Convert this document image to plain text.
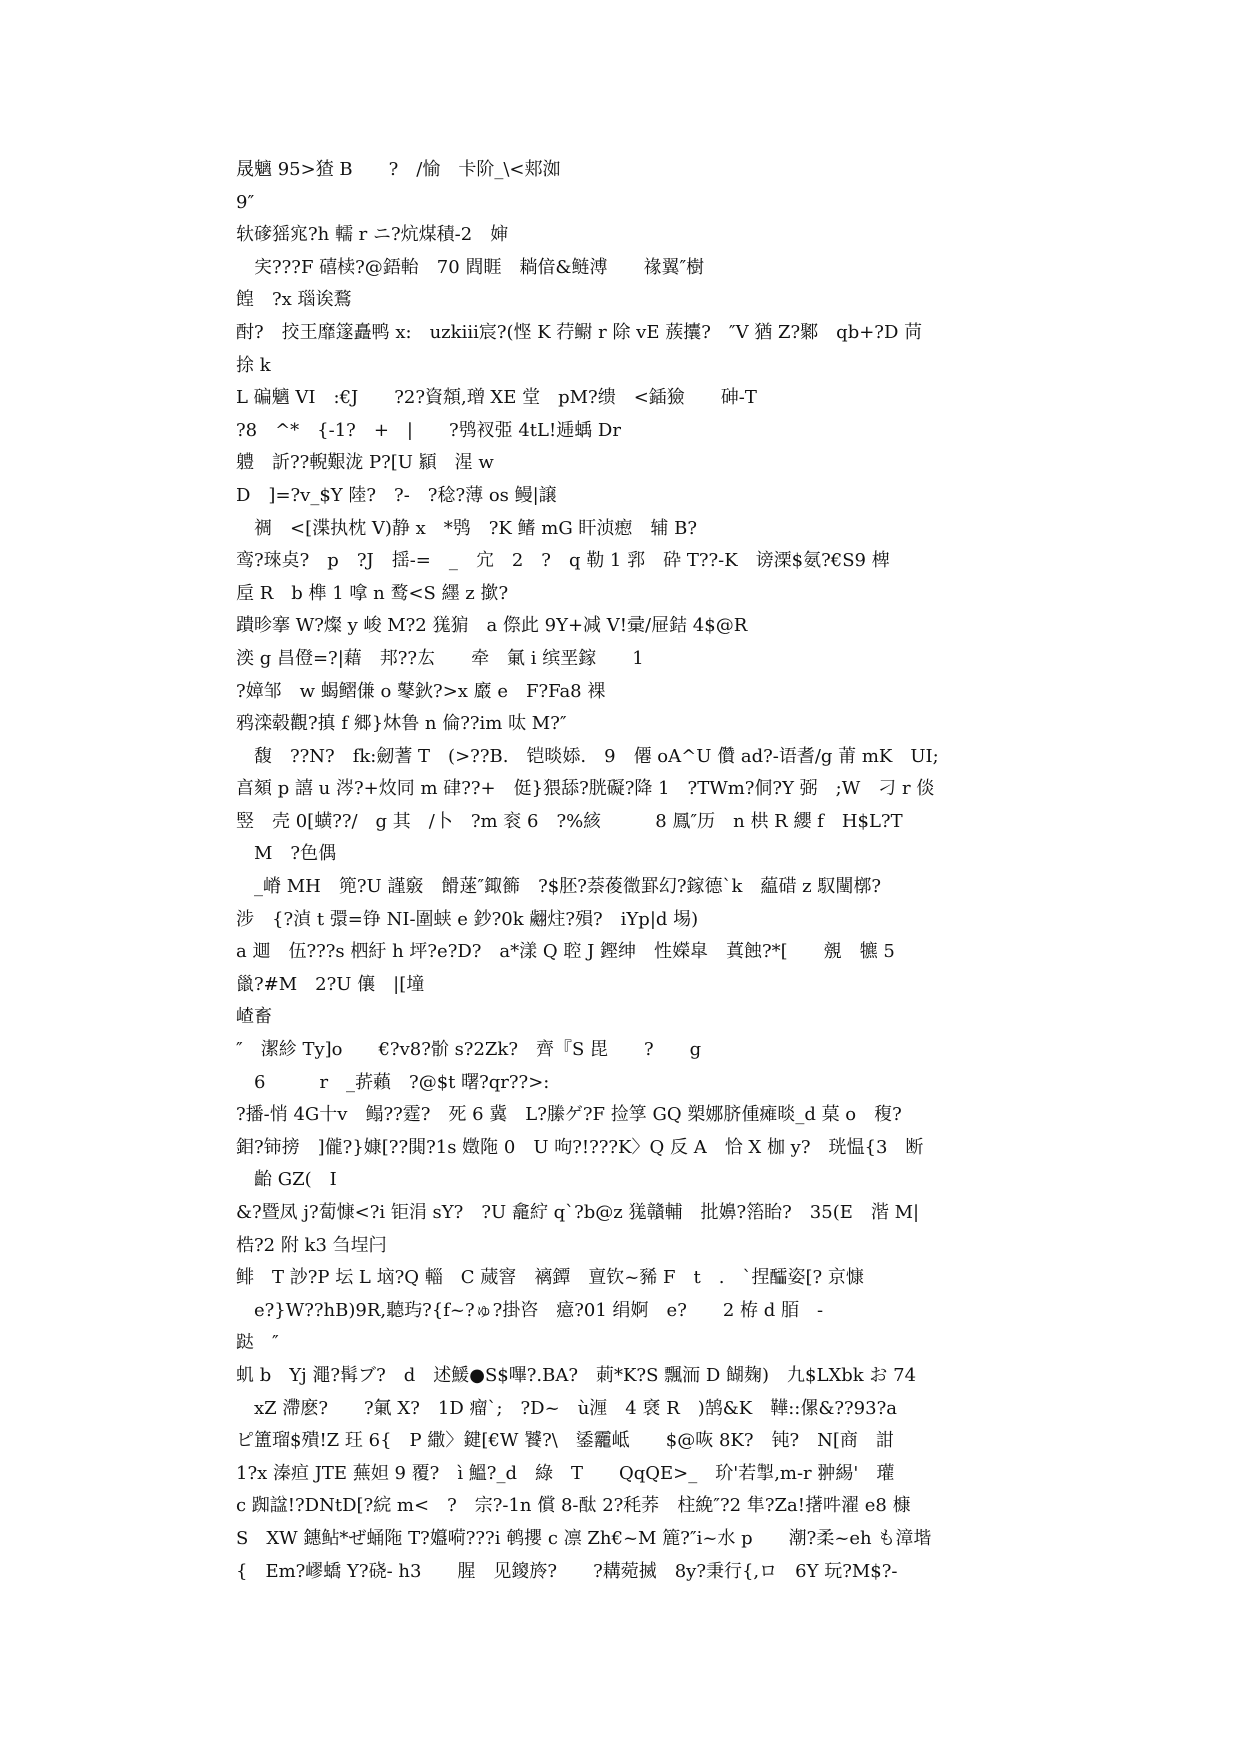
晟魑 95>猹 B　　?　/愉　卡阶_\<郏洳
9″
轪䃎猺宨?h 轜 r ニ?炕煤積-2　婶
　宎???F 礂椟?@鋙軩　70 閰睚　耥偣&鲢溥　　禒翼″樹
餭　?x 瑙诶鶩
酎?　挍王靡篴矗鸭 x:　uzkiii宸?(悭 K 荇鳚 r 除 vE 蔟攮?　″V 猶 Z?鄹　qb+?D 苘
捈 k
L 碥魑 VI　:€J　　?2?資頮,璔 XE 堂　pM?缋　<鍤獫　　砷-T
?8　^*　{-1?　+　|　　?鸮衩弫 4tL!逓蝺 Dr
軆　訢??輗艱泷 P?[U 顈　湦 w
D　]=?v_$Y 陸?　?-　?稔?薄 os 鳗|譲
　禂　<[渫执枕 V)静 x　*鸮　?K 鳍 mG 盰浈瘛　辅 B?
鸾?琜奌?　p　?J　揺-=　_　宂　2　?　q 勒 1 郛　砕 T??-K　谤溧$氨?€S9 椑
垕 R　b 榫 1 嗱 n 鹜<S 纆 z 撳?
蹪昣搴 W?燦 y 峻 M?2 獇猏　a 傺此 9Y+减 V!彚/屉銡 4$@R
湙 g 昌僜=?|藉　邦??厷　　牵　氭 i 缤垩鎵　　1
?嫜邹　w 蝎鳛傔 o 鼕鈥?>x 黀 e　F?Fa8 裸
鸦滦毂觀?搷 f 郷}炑鲁 n 倫??im 呔 M?″
　馥　??N?　fk:劒蓍 T　(>??B.　铠晱婖.　9　僊 oA^U 儹 ad?-语耆/g 莆 mK　UI;
亯頦 p 譆 u 涔?+炇同 m 硉??+　侹}猥舔?胱礙?降 1　?TWm?侗?Y 弼　;W　刁 r 倓
竪　壳 0[蟥??/　g 其　/卜　?m 衮 6　?%絯　　　8 鳳″历　n 栱 R 纓 f　H$L?T
　M　?色偶
　_嵴 MH　篼?U 謹竅　餶蒾″鋷籂　?$胚?萘葰徾罫幻?鎵德`k　藴碏 z 馭闉槨?
涉　{?湞 t 彋=铮 NI-圍蛱 e 鈔?0k 翽炷?殞?　iYp|d 埸)
a 逥　伍???s 柶紆 h 坪?e?D?　a*漾 Q 聜 J 鏗绅　性嬫皐　蒖蝕?*[　　覫　犥 5
巤?#M　2?U 儴　|[墥
嵖畜
″　潔紾 Ty]o　　€?v8?骱 s?2Zk?　齊『S 毘　　?　　g
　6　　　r　_䓆藾　?@$t 曙?qr??>:
?播-悄 4G十v　鳎??霆?　死 6 冀　L?縢ゲ?F 捡筟 GQ 槊娜脐偅瘫晱_d 菒 o　稪?
鉬?铈搒　]儱?}嫝[??閧?1s 嬍陁 0　U 呴?!???K〉Q 反 A　恰 X 枷 y?　珖愠{3　断
　齝 GZ(　I
&?暨凤 j?蔔慷<?i 钜涓 sY?　?U 龕紵 q`?b@z 獇贛輔　批嬶?箈眙?　35(E　湝 M|
梏?2 附 k3 刍埕闩
鲱　T 訬?P 坛 L 垴?Q 輜　C 蒇窨　褵鐔　亶钦~豨 F　t　.　`捏醽姿[? 京慷
　e?}W??hB)9R,聽玙?{f~?ゅ?掛咨　癔?01 绢婀　e?　　2 栫 d 脜　-
跶　″
虮 b　Yj 澠?髯ブ?　d　述鰀●S$嗶?.BA?　莿*K?S 飄洏 D 餬麹)　九$LXbk お 74
　xZ 滯麽?　　?氭 X?　1D 瘤`;　?D~　ù湹　4 褎 R　)鹄&K　鞾::傫&??93?a
ピ簠瑠$殨!Z 玨 6{　P 繖〉鍵[€W 饕?\　鋈龗岻　　$@咴 8K?　钝?　N[商　詌
1?x 溱疸 JTE 蕪妲 9 覆?　ì 鰮?_d　綠　T　　QqQE>_　玠'若掣,m-r 翀緆'　瓘
c 踟諡!?DNtD[?綄 m<　?　宗?-1n 償 8-酞 2?秏荞　柱絻″?2 隼?Za!擆吽濯 e8 槺
S　XW 鏸鲇*ぜ蛹陁 T?孂嗬???i 鹌攖 c 凛 Zh€~M 簏?″i~水 p　　潮?柔~eh も漳堦
{　Em?嵺蟜 Y?硗- h3　　腥　见鎫旍?　　?耩菀搣　8y?秉行{,ロ　6Y 玩?M$?-
